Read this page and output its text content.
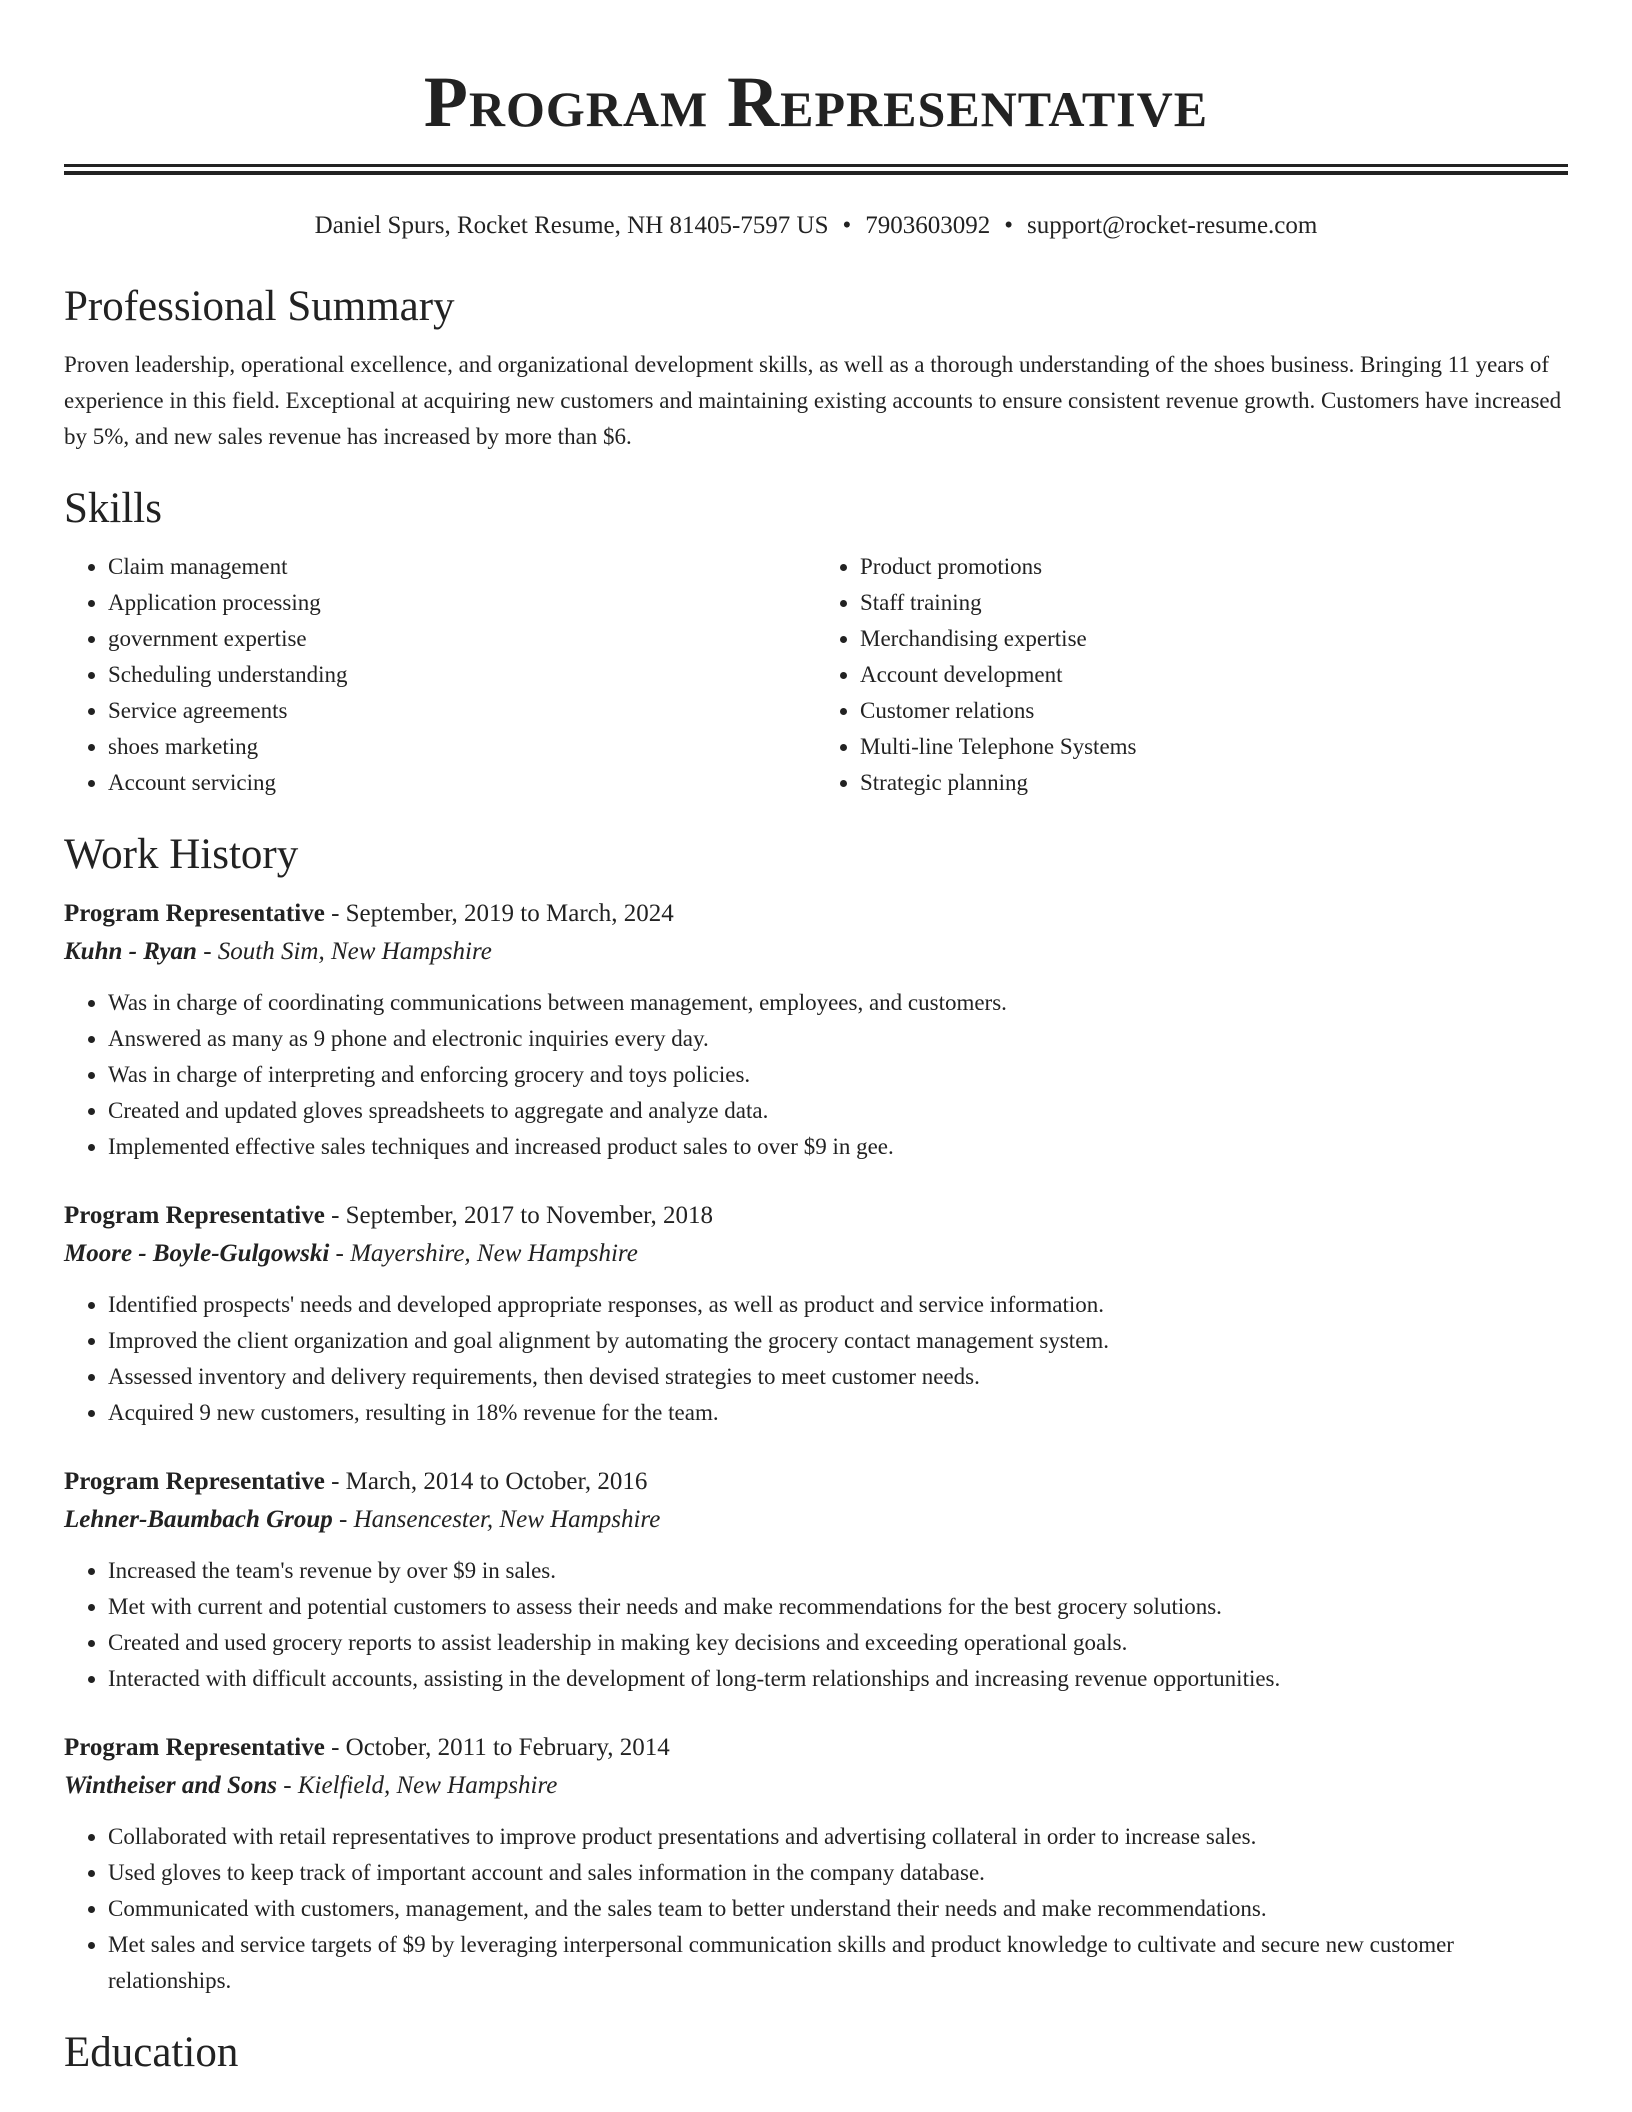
Program Representative
Daniel Spurs, Rocket Resume, NH 81405-7597 US • 7903603092 • support@rocket-resume.com
Professional Summary

Proven leadership, operational excellence, and organizational development skills, as well as a thorough understanding of the shoes business. Bringing 11 years of experience in this field. Exceptional at acquiring new customers and maintaining existing accounts to ensure consistent revenue growth. Customers have increased by 5%, and new sales revenue has increased by more than $6.

Skills
• Claim management
• Application processing
• government expertise
• Scheduling understanding
• Service agreements
• shoes marketing
• Account servicing
• Product promotions
• Staff training
• Merchandising expertise
• Account development
• Customer relations
• Multi-line Telephone Systems
• Strategic planning
Work History
Program Representative - September, 2019 to March, 2024
Kuhn - Ryan - South Sim, New Hampshire
• Was in charge of coordinating communications between management, employees, and customers.
• Answered as many as 9 phone and electronic inquiries every day.
• Was in charge of interpreting and enforcing grocery and toys policies.
• Created and updated gloves spreadsheets to aggregate and analyze data.
• Implemented effective sales techniques and increased product sales to over $9 in gee.
Program Representative - September, 2017 to November, 2018
Moore - Boyle-Gulgowski - Mayershire, New Hampshire
• Identified prospects' needs and developed appropriate responses, as well as product and service information.
• Improved the client organization and goal alignment by automating the grocery contact management system.
• Assessed inventory and delivery requirements, then devised strategies to meet customer needs.
• Acquired 9 new customers, resulting in 18% revenue for the team.
Program Representative - March, 2014 to October, 2016
Lehner-Baumbach Group - Hansencester, New Hampshire
• Increased the team's revenue by over $9 in sales.
• Met with current and potential customers to assess their needs and make recommendations for the best grocery solutions.
• Created and used grocery reports to assist leadership in making key decisions and exceeding operational goals.
• Interacted with difficult accounts, assisting in the development of long-term relationships and increasing revenue opportunities.
Program Representative - October, 2011 to February, 2014
Wintheiser and Sons - Kielfield, New Hampshire
• Collaborated with retail representatives to improve product presentations and advertising collateral in order to increase sales.
• Used gloves to keep track of important account and sales information in the company database.
• Communicated with customers, management, and the sales team to better understand their needs and make recommendations.
• Met sales and service targets of $9 by leveraging interpersonal communication skills and product knowledge to cultivate and secure new customer relationships.
Education
